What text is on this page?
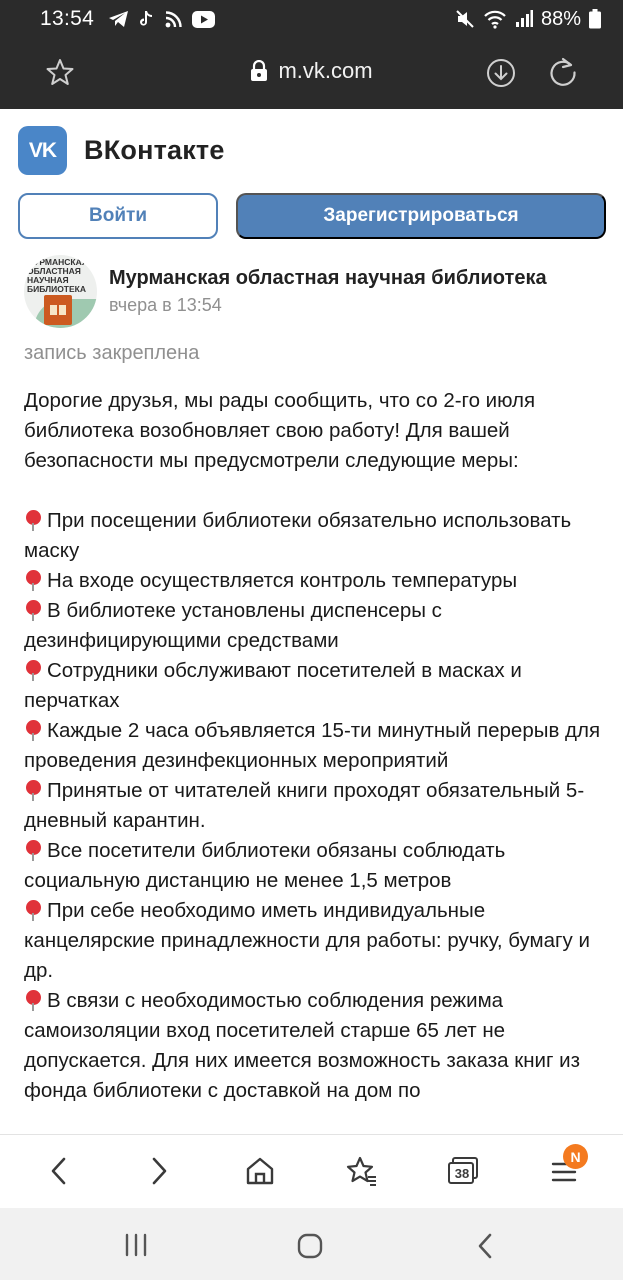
13:54	88%
m.vk.com
VK	ВКонтакте
Войти	Зарегистрироваться
МУРМАНСКАЯ ОБЛАСТНАЯ НАУЧНАЯ БИБЛИОТЕКА	Мурманская областная научная библиотека
вчера в 13:54
запись закреплена

Дорогие друзья, мы рады сообщить, что со 2-го июля библиотека возобновляет свою работу! Для вашей безопасности мы предусмотрели следующие меры:

При посещении библиотеки обязательно использовать маску

На входе осуществляется контроль температуры

В библиотеке установлены диспенсеры с дезинфицирующими средствами

Сотрудники обслуживают посетителей в масках и перчатках

Каждые 2 часа объявляется 15-ти минутный перерыв для проведения дезинфекционных мероприятий

Принятые от читателей книги проходят обязательный 5-дневный карантин.

Все посетители библиотеки обязаны соблюдать социальную дистанцию не менее 1,5 метров

При себе необходимо иметь индивидуальные канцелярские принадлежности для работы: ручку, бумагу и др.

В связи с необходимостью соблюдения режима самоизоляции вход посетителей старше 65 лет не допускается. Для них имеется возможность заказа книг из фонда библиотеки с доставкой на дом по

38
N
